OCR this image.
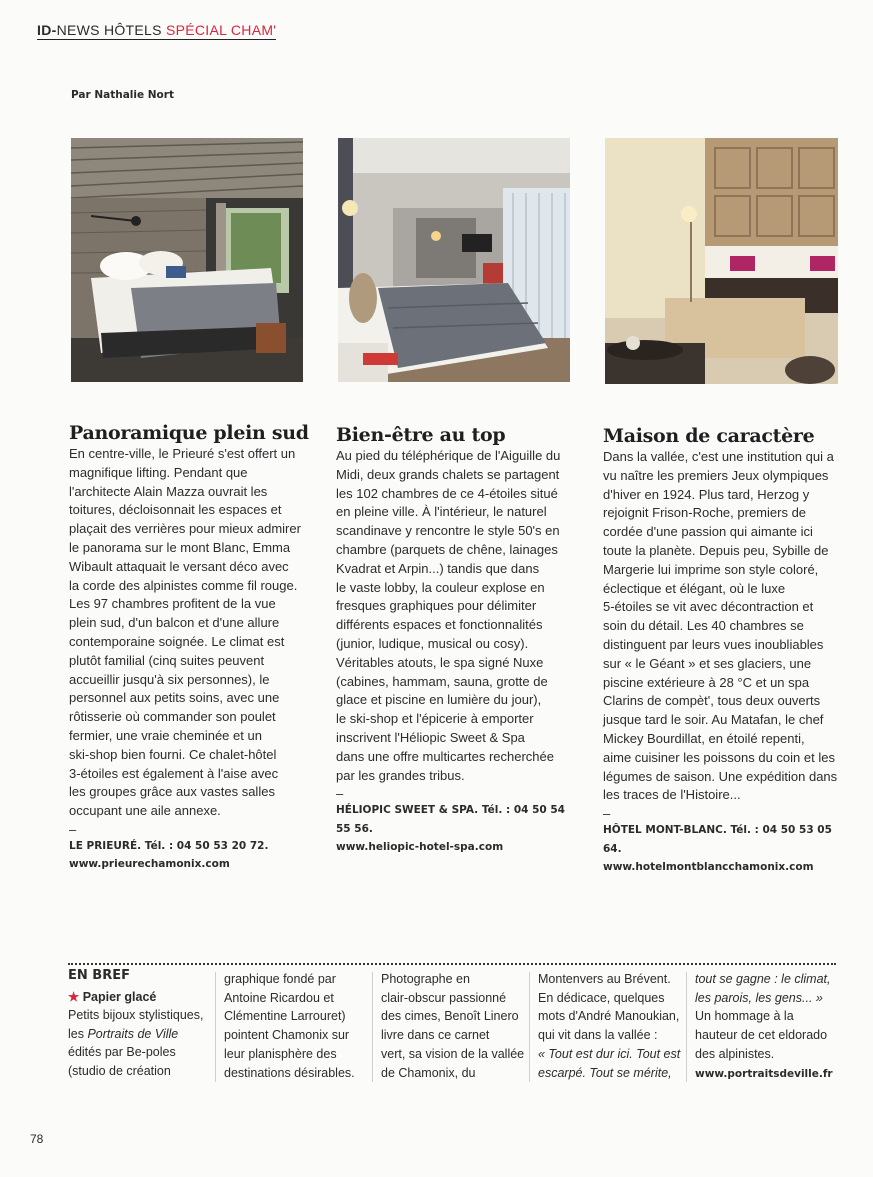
ID-NEWS HÔTELS SPÉCIAL CHAM'
Par Nathalie Nort
Panoramique plein sud

En centre-ville, le Prieuré s'est offert un
magnifique lifting. Pendant que
l'architecte Alain Mazza ouvrait les
toitures, décloisonnait les espaces et
plaçait des verrières pour mieux admirer
le panorama sur le mont Blanc, Emma
Wibault attaquait le versant déco avec
la corde des alpinistes comme fil rouge.
Les 97 chambres profitent de la vue
plein sud, d'un balcon et d'une allure
contemporaine soignée. Le climat est
plutôt familial (cinq suites peuvent
accueillir jusqu'à six personnes), le
personnel aux petits soins, avec une
rôtisserie où commander son poulet
fermier, une vraie cheminée et un
ski-shop bien fourni. Ce chalet-hôtel
3-étoiles est également à l'aise avec
les groupes grâce aux vastes salles
occupant une aile annexe.

–
LE PRIEURÉ. Tél. : 04 50 53 20 72.
www.prieurechamonix.com
Bien-être au top

Au pied du téléphérique de l'Aiguille du
Midi, deux grands chalets se partagent
les 102 chambres de ce 4-étoiles situé
en pleine ville. À l'intérieur, le naturel
scandinave y rencontre le style 50's en
chambre (parquets de chêne, lainages
Kvadrat et Arpin...) tandis que dans
le vaste lobby, la couleur explose en
fresques graphiques pour délimiter
différents espaces et fonctionnalités
(junior, ludique, musical ou cosy).
Véritables atouts, le spa signé Nuxe
(cabines, hammam, sauna, grotte de
glace et piscine en lumière du jour),
le ski-shop et l'épicerie à emporter
inscrivent l'Héliopic Sweet & Spa
dans une offre multicartes recherchée
par les grandes tribus.

–
HÉLIOPIC SWEET & SPA. Tél. : 04 50 54 55 56.
www.heliopic-hotel-spa.com
Maison de caractère

Dans la vallée, c'est une institution qui a
vu naître les premiers Jeux olympiques
d'hiver en 1924. Plus tard, Herzog y
rejoignit Frison-Roche, premiers de
cordée d'une passion qui aimante ici
toute la planète. Depuis peu, Sybille de
Margerie lui imprime son style coloré,
éclectique et élégant, où le luxe
5-étoiles se vit avec décontraction et
soin du détail. Les 40 chambres se
distinguent par leurs vues inoubliables
sur « le Géant » et ses glaciers, une
piscine extérieure à 28 °C et un spa
Clarins de compèt', tous deux ouverts
jusque tard le soir. Au Matafan, le chef
Mickey Bourdillat, en étoilé repenti,
aime cuisiner les poissons du coin et les
légumes de saison. Une expédition dans
les traces de l'Histoire...

–
HÔTEL MONT-BLANC. Tél. : 04 50 53 05 64.
www.hotelmontblancchamonix.com
EN BREF
★ Papier glacé
Petits bijoux stylistiques,
les Portraits de Ville
édités par Be-poles
(studio de création
graphique fondé par
Antoine Ricardou et
Clémentine Larrouret)
pointent Chamonix sur
leur planisphère des
destinations désirables.
Photographe en
clair-obscur passionné
des cimes, Benoît Linero
livre dans ce carnet
vert, sa vision de la vallée
de Chamonix, du
Montenvers au Brévent.
En dédicace, quelques
mots d'André Manoukian,
qui vit dans la vallée :
« Tout est dur ici. Tout est
escarpé. Tout se mérite,
tout se gagne : le climat,
les parois, les gens... »
Un hommage à la
hauteur de cet eldorado
des alpinistes.
www.portraitsdeville.fr
78
